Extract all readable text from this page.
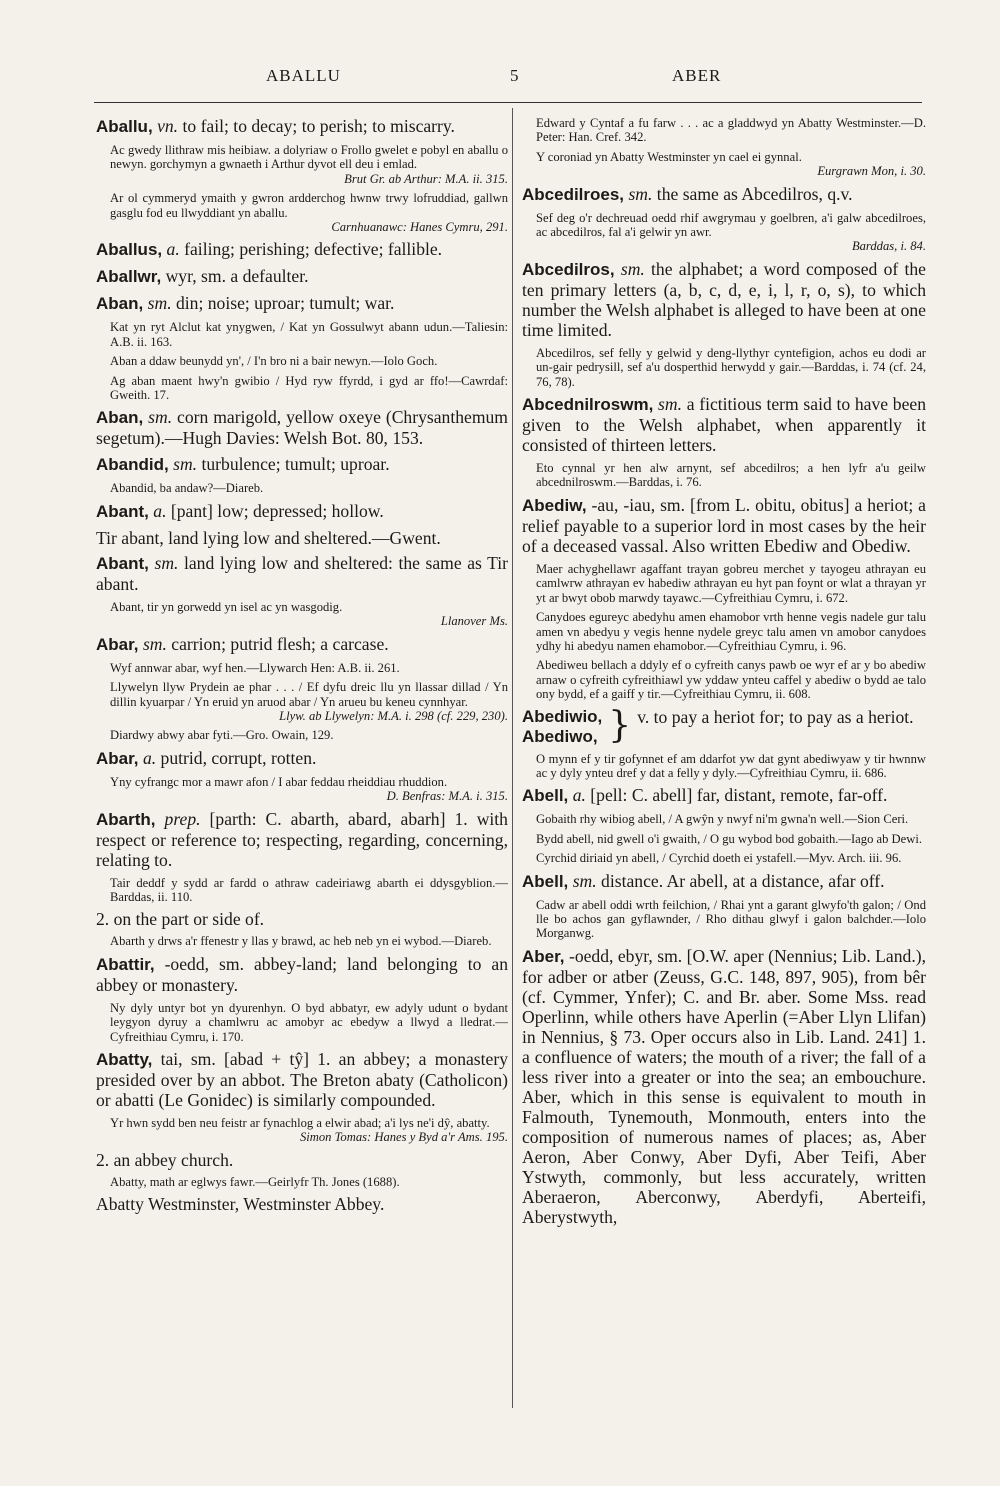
ABALLU	5	ABER

Aballu, vn. to fail; to decay; to perish; to miscarry.

Ac gwedy llithraw mis heibiaw. a dolyriaw o Frollo gwelet e pobyl en aballu o newyn. gorchymyn a gwnaeth i Arthur dyvot ell deu i emlad.
Brut Gr. ab Arthur: M.A. ii. 315.
Ar ol cymmeryd ymaith y gwron ardderchog hwnw trwy lofruddiad, gallwn gasglu fod eu llwyddiant yn aballu.
Carnhuanawc: Hanes Cymru, 291.

Aballus, a. failing; perishing; defective; fallible.

Aballwr, wyr, sm. a defaulter.

Aban, sm. din; noise; uproar; tumult; war.

Kat yn ryt Alclut kat ynygwen, / Kat yn Gossulwyt abann udun.—Taliesin: A.B. ii. 163.
Aban a ddaw beunydd yn', / I'n bro ni a bair newyn.—Iolo Goch.
Ag aban maent hwy'n gwibio / Hyd ryw ffyrdd, i gyd ar ffo!—Cawrdaf: Gweith. 17.

Aban, sm. corn marigold, yellow oxeye (Chrysanthemum segetum).—Hugh Davies: Welsh Bot. 80, 153.

Abandid, sm. turbulence; tumult; uproar.

Abandid, ba andaw?—Diareb.

Abant, a. [pant] low; depressed; hollow.

Tir abant, land lying low and sheltered.—Gwent.

Abant, sm. land lying low and sheltered: the same as Tir abant.

Abant, tir yn gorwedd yn isel ac yn wasgodig.
Llanover Ms.

Abar, sm. carrion; putrid flesh; a carcase.

Wyf annwar abar, wyf hen.—Llywarch Hen: A.B. ii. 261.
Llywelyn llyw Prydein ae phar . . . / Ef dyfu dreic llu yn llassar dillad / Yn dillin kyuarpar / Yn eruid yn aruod abar / Yn arueu bu keneu cynnhyar.
Llyw. ab Llywelyn: M.A. i. 298 (cf. 229, 230).
Diardwy abwy abar fyti.—Gro. Owain, 129.

Abar, a. putrid, corrupt, rotten.

Yny cyfrangc mor a mawr afon / I abar feddau rheiddiau rhuddion.
D. Benfras: M.A. i. 315.

Abarth, prep. [parth: C. abarth, abard, abarh] 1. with respect or reference to; respecting, regarding, concerning, relating to.

Tair deddf y sydd ar fardd o athraw cadeiriawg abarth ei ddysgyblion.—Barddas, ii. 110.

2. on the part or side of.

Abarth y drws a'r ffenestr y llas y brawd, ac heb neb yn ei wybod.—Diareb.

Abattir, -oedd, sm. abbey-land; land belonging to an abbey or monastery.

Ny dyly untyr bot yn dyurenhyn. O byd abbatyr, ew adyly udunt o bydant leygyon dyruy a chamlwru ac amobyr ac ebedyw a llwyd a lledrat.—Cyfreithiau Cymru, i. 170.

Abatty, tai, sm. [abad + tŷ] 1. an abbey; a monastery presided over by an abbot. The Breton abaty (Catholicon) or abatti (Le Gonidec) is similarly compounded.

Yr hwn sydd ben neu feistr ar fynachlog a elwir abad; a'i lys ne'i dŷ, abatty.
Simon Tomas: Hanes y Byd a'r Ams. 195.

2. an abbey church.

Abatty, math ar eglwys fawr.—Geirlyfr Th. Jones (1688).

Abatty Westminster, Westminster Abbey.

Edward y Cyntaf a fu farw . . . ac a gladdwyd yn Abatty Westminster.—D. Peter: Han. Cref. 342.
Y coroniad yn Abatty Westminster yn cael ei gynnal.
Eurgrawn Mon, i. 30.

Abcedilroes, sm. the same as Abcedilros, q.v.

Sef deg o'r dechreuad oedd rhif awgrymau y goelbren, a'i galw abcedilroes, ac abcedilros, fal a'i gelwir yn awr.
Barddas, i. 84.

Abcedilros, sm. the alphabet; a word composed of the ten primary letters (a, b, c, d, e, i, l, r, o, s), to which number the Welsh alphabet is alleged to have been at one time limited.

Abcedilros, sef felly y gelwid y deng-llythyr cyntefigion, achos eu dodi ar un-gair pedrysill, sef a'u dosperthid herwydd y gair.—Barddas, i. 74 (cf. 24, 76, 78).

Abcednilroswm, sm. a fictitious term said to have been given to the Welsh alphabet, when apparently it consisted of thirteen letters.

Eto cynnal yr hen alw arnynt, sef abcedilros; a hen lyfr a'u geilw abcednilroswm.—Barddas, i. 76.

Abediw, -au, -iau, sm. [from L. obitu, obitus] a heriot; a relief payable to a superior lord in most cases by the heir of a deceased vassal. Also written Ebediw and Obediw.

Maer achyghellawr agaffant trayan gobreu merchet y tayogeu athrayan eu camlwrw athrayan ev habediw athrayan eu hyt pan foynt or wlat a thrayan yr yt ar bwyt obob marwdy tayawc.—Cyfreithiau Cymru, i. 672.
Canydoes egureyc abedyhu amen ehamobor vrth henne vegis nadele gur talu amen vn abedyu y vegis henne nydele greyc talu amen vn amobor canydoes ydhy hi abedyu namen ehamobor.—Cyfreithiau Cymru, i. 96.
Abediweu bellach a ddyly ef o cyfreith canys pawb oe wyr ef ar y bo abediw arnaw o cyfreith cyfreithiawl yw yddaw ynteu caffel y abediw o bydd ae talo ony bydd, ef a gaiff y tir.—Cyfreithiau Cymru, ii. 608.
Abediwio,
Abediwo, } v. to pay a heriot for; to pay as a heriot.
O mynn ef y tir gofynnet ef am ddarfot yw dat gynt abediwyaw y tir hwnnw ac y dyly ynteu dref y dat a felly y dyly.—Cyfreithiau Cymru, ii. 686.

Abell, a. [pell: C. abell] far, distant, remote, far-off.

Gobaith rhy wibiog abell, / A gwŷn y nwyf ni'm gwna'n well.—Sion Ceri.
Bydd abell, nid gwell o'i gwaith, / O gu wybod bod gobaith.—Iago ab Dewi.
Cyrchid diriaid yn abell, / Cyrchid doeth ei ystafell.—Myv. Arch. iii. 96.

Abell, sm. distance. Ar abell, at a distance, afar off.

Cadw ar abell oddi wrth feilchion, / Rhai ynt a garant glwyfo'th galon; / Ond lle bo achos gan gyflawnder, / Rho dithau glwyf i galon balchder.—Iolo Morganwg.

Aber, -oedd, ebyr, sm. [O.W. aper (Nennius; Lib. Land.), for adber or atber (Zeuss, G.C. 148, 897, 905), from bêr (cf. Cymmer, Ynfer); C. and Br. aber. Some Mss. read Operlinn, while others have Aperlin (=Aber Llyn Llifan) in Nennius, § 73. Oper occurs also in Lib. Land. 241] 1. a confluence of waters; the mouth of a river; the fall of a less river into a greater or into the sea; an embouchure. Aber, which in this sense is equivalent to mouth in Falmouth, Tynemouth, Monmouth, enters into the composition of numerous names of places; as, Aber Aeron, Aber Conwy, Aber Dyfi, Aber Teifi, Aber Ystwyth, commonly, but less accurately, written Aberaeron, Aberconwy, Aberdyfi, Aberteifi, Aberystwyth,
